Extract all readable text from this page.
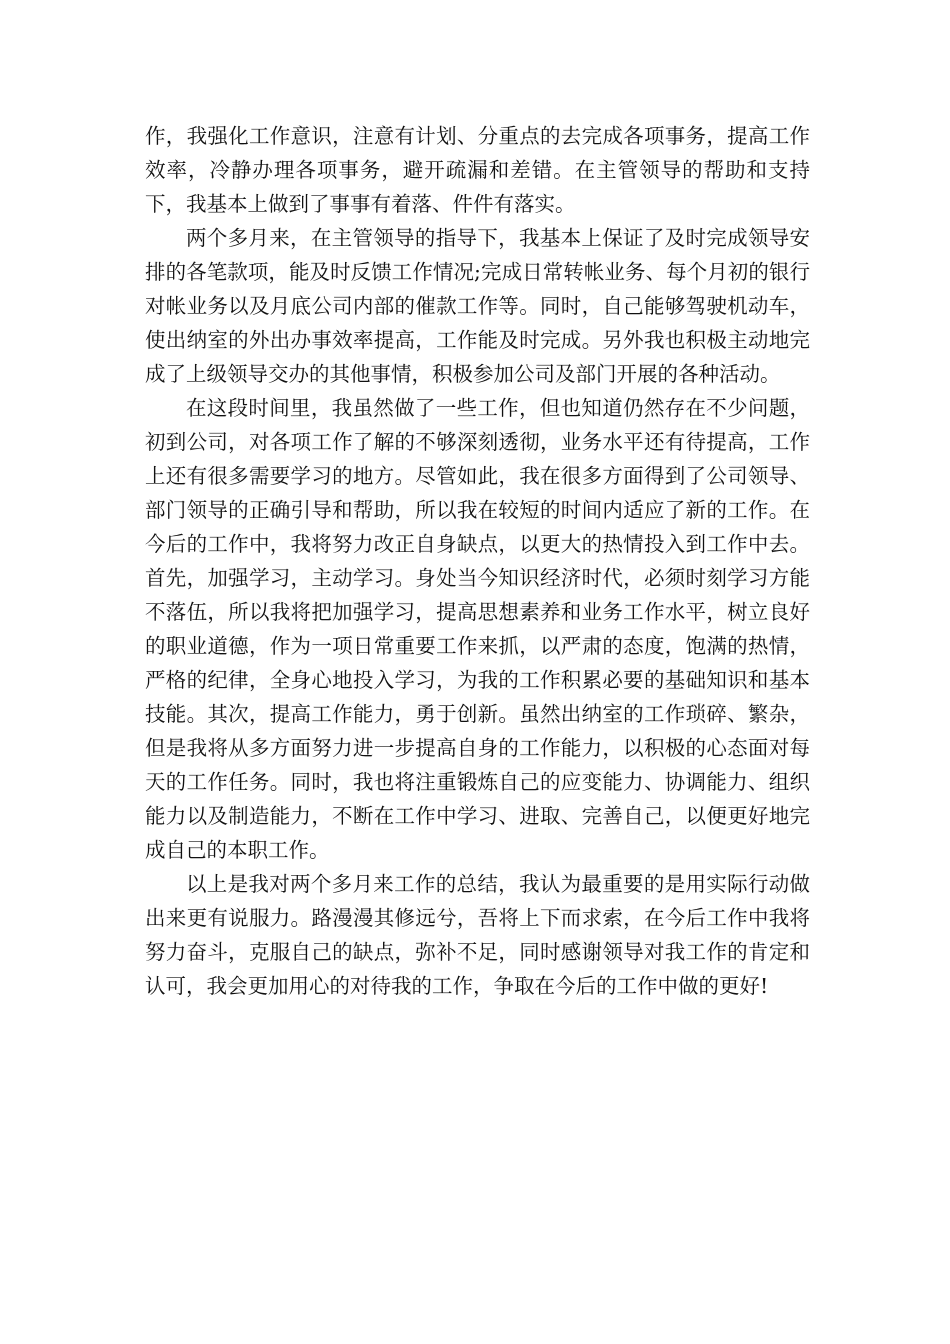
作，我强化工作意识，注意有计划、分重点的去完成各项事务，提高工作效率，冷静办理各项事务，避开疏漏和差错。在主管领导的帮助和支持下，我基本上做到了事事有着落、件件有落实。

两个多月来，在主管领导的指导下，我基本上保证了及时完成领导安排的各笔款项，能及时反馈工作情况;完成日常转帐业务、每个月初的银行对帐业务以及月底公司内部的催款工作等。同时，自己能够驾驶机动车，使出纳室的外出办事效率提高，工作能及时完成。另外我也积极主动地完成了上级领导交办的其他事情，积极参加公司及部门开展的各种活动。

在这段时间里，我虽然做了一些工作，但也知道仍然存在不少问题，初到公司，对各项工作了解的不够深刻透彻，业务水平还有待提高，工作上还有很多需要学习的地方。尽管如此，我在很多方面得到了公司领导、部门领导的正确引导和帮助，所以我在较短的时间内适应了新的工作。在今后的工作中，我将努力改正自身缺点，以更大的热情投入到工作中去。首先，加强学习，主动学习。身处当今知识经济时代，必须时刻学习方能不落伍，所以我将把加强学习，提高思想素养和业务工作水平，树立良好的职业道德，作为一项日常重要工作来抓，以严肃的态度，饱满的热情，严格的纪律，全身心地投入学习，为我的工作积累必要的基础知识和基本技能。其次，提高工作能力，勇于创新。虽然出纳室的工作琐碎、繁杂，但是我将从多方面努力进一步提高自身的工作能力，以积极的心态面对每天的工作任务。同时，我也将注重锻炼自己的应变能力、协调能力、组织能力以及制造能力，不断在工作中学习、进取、完善自己，以便更好地完成自己的本职工作。

以上是我对两个多月来工作的总结，我认为最重要的是用实际行动做出来更有说服力。路漫漫其修远兮，吾将上下而求索，在今后工作中我将努力奋斗，克服自己的缺点，弥补不足，同时感谢领导对我工作的肯定和认可，我会更加用心的对待我的工作，争取在今后的工作中做的更好!
